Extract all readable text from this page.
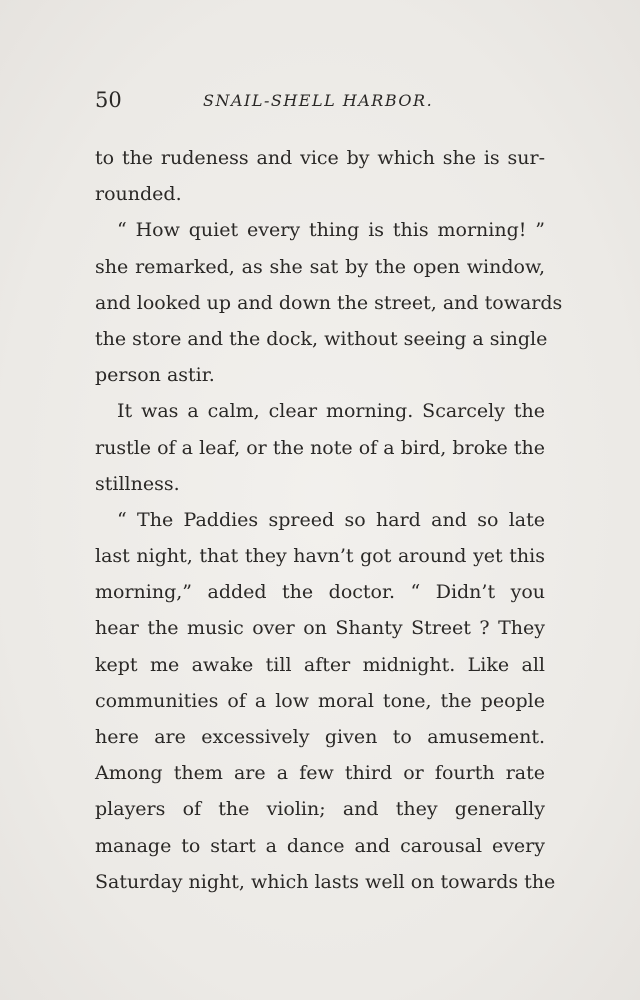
50	SNAIL-SHELL HARBOR.
to the rudeness and vice by which she is sur-
rounded.
“ How quiet every thing is this morning! ”
she remarked, as she sat by the open window,
and looked up and down the street, and towards
the store and the dock, without seeing a single
person astir.
It was a calm, clear morning. Scarcely the
rustle of a leaf, or the note of a bird, broke the
stillness.
“ The Paddies spreed so hard and so late
last night, that they havn’t got around yet this
morning,” added the doctor. “ Didn’t you
hear the music over on Shanty Street ? They
kept me awake till after midnight. Like all
communities of a low moral tone, the people
here are excessively given to amusement.
Among them are a few third or fourth rate
players of the violin; and they generally
manage to start a dance and carousal every
Saturday night, which lasts well on towards the
